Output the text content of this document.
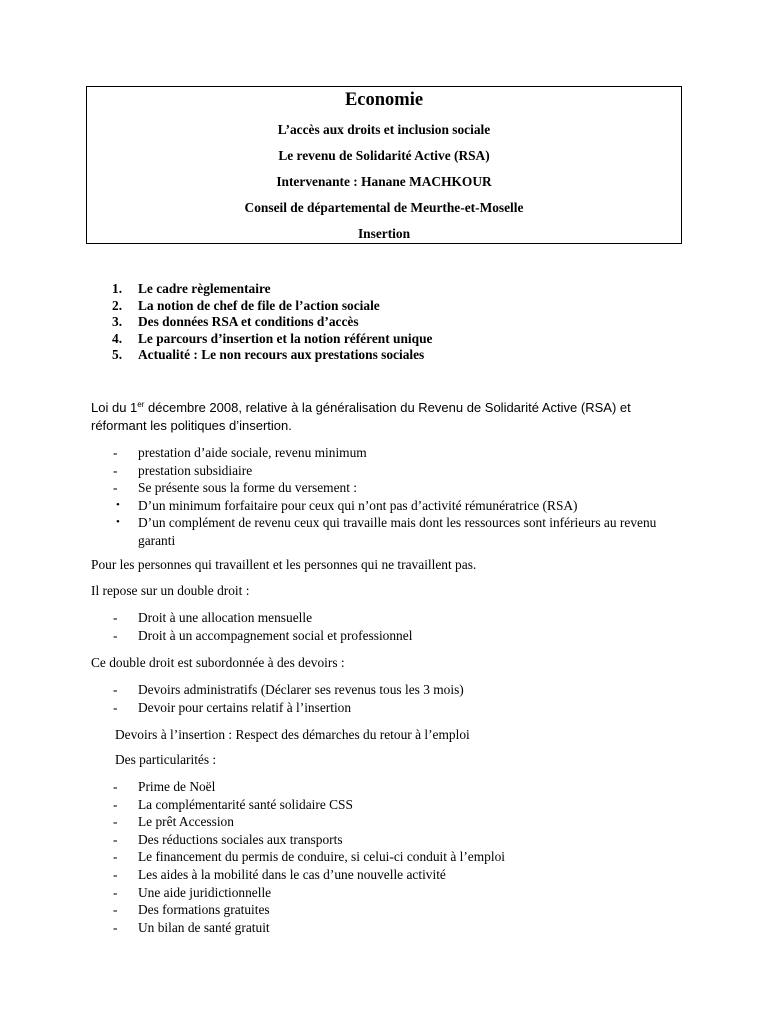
Economie
L’accès aux droits et inclusion sociale
Le revenu de Solidarité Active (RSA)
Intervenante : Hanane MACHKOUR
Conseil de départemental de Meurthe-et-Moselle
Insertion
1. Le cadre règlementaire
2. La notion de chef de file de l’action sociale
3. Des données RSA et conditions d’accès
4. Le parcours d’insertion et la notion référent unique
5. Actualité : Le non recours aux prestations sociales
Loi du 1er décembre 2008, relative à la généralisation du Revenu de Solidarité Active (RSA) et
réformant les politiques d’insertion.
- prestation d’aide sociale, revenu minimum
- prestation subsidiaire
- Se présente sous la forme du versement :
• D’un minimum forfaitaire pour ceux qui n’ont pas d’activité rémunératrice (RSA)
• D’un complément de revenu ceux qui travaille mais dont les ressources sont inférieurs au revenu garanti
Pour les personnes qui travaillent et les personnes qui ne travaillent pas.
Il repose sur un double droit :
- Droit à une allocation mensuelle
- Droit à un accompagnement social et professionnel
Ce double droit est subordonnée à des devoirs :
- Devoirs administratifs (Déclarer ses revenus tous les 3 mois)
- Devoir pour certains relatif à l’insertion
Devoirs à l’insertion : Respect des démarches du retour à l’emploi
Des particularités :
- Prime de Noël
- La complémentarité santé solidaire CSS
- Le prêt Accession
- Des réductions sociales aux transports
- Le financement du permis de conduire, si celui-ci conduit à l’emploi
- Les aides à la mobilité dans le cas d’une nouvelle activité
- Une aide juridictionnelle
- Des formations gratuites
- Un bilan de santé gratuit
